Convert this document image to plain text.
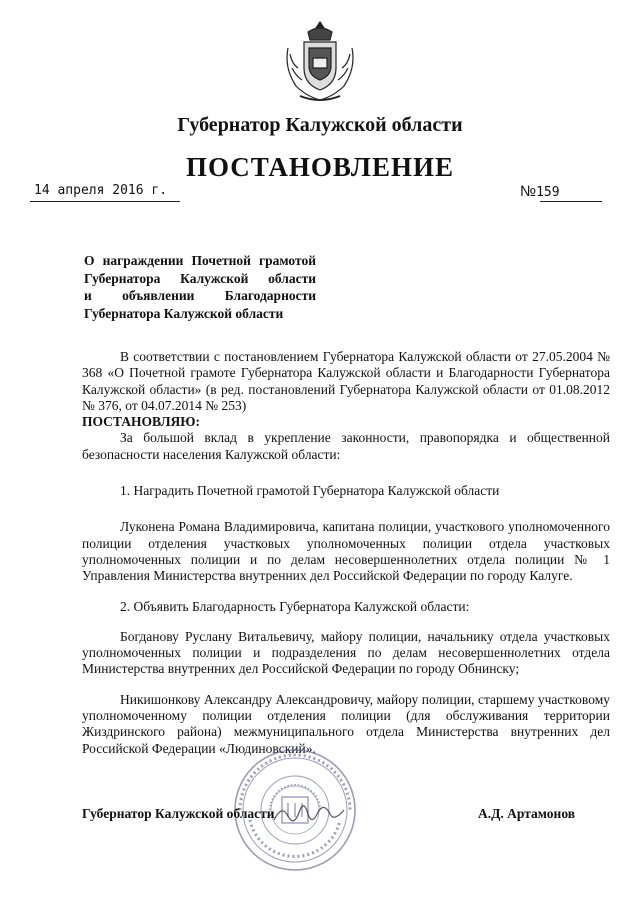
Губернатор Калужской области
ПОСТАНОВЛЕНИЕ
14 апреля 2016 г.	№159
О награждении Почетной грамотой
Губернатора Калужской области
и объявлении Благодарности
Губернатора Калужской области

В соответствии с постановлением Губернатора Калужской области от 27.05.2004 № 368 «О Почетной грамоте Губернатора Калужской области и Благодарности Губернатора Калужской области» (в ред. постановлений Губернатора Калужской области от 01.08.2012 № 376, от 04.07.2014 № 253)

ПОСТАНОВЛЯЮ:

За большой вклад в укрепление законности, правопорядка и общественной безопасности населения Калужской области:

1. Наградить Почетной грамотой Губернатора Калужской области

Луконена Романа Владимировича, капитана полиции, участкового уполномоченного полиции отделения участковых уполномоченных полиции отдела участковых уполномоченных полиции и по делам несовершеннолетних отдела полиции № 1 Управления Министерства внутренних дел Российской Федерации по городу Калуге.

2. Объявить Благодарность Губернатора Калужской области:

Богданову Руслану Витальевичу, майору полиции, начальнику отдела участковых уполномоченных полиции и подразделения по делам несовершеннолетних отдела Министерства внутренних дел Российской Федерации по городу Обнинску;

Никишонкову Александру Александровичу, майору полиции, старшему участковому уполномоченному полиции отделения полиции (для обслуживания территории Жиздринского района) межмуниципального отдела Министерства внутренних дел Российской Федерации «Людиновский».

Губернатор Калужской области	А.Д. Артамонов
